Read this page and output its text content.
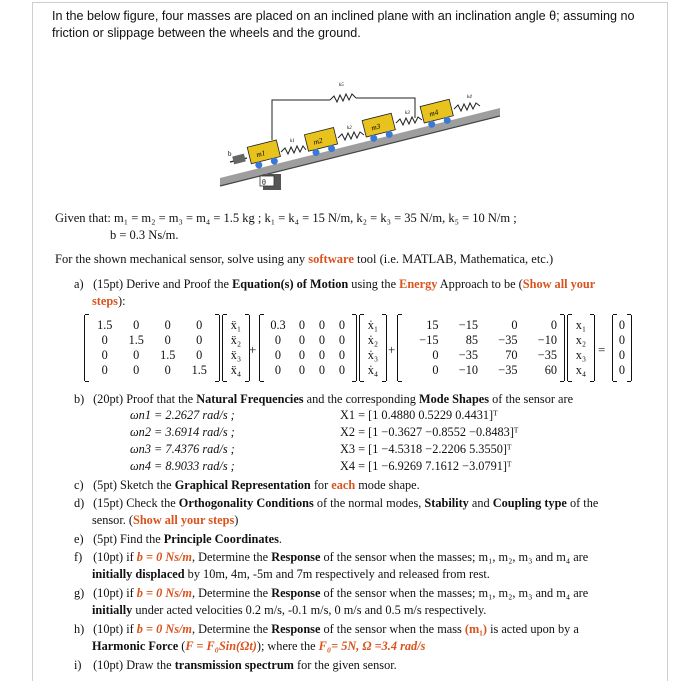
In the below figure, four masses are placed on an inclined plane with an inclination angle θ; assuming no friction or slippage between the wheels and the ground.
θ
b	m1
k1 m2
k2 m3
k3 m4
k4
k5
Given that: m₁ = m₂ = m₃ = m₄ = 1.5 kg ; k₁ = k₄ = 15 N/m, k₂ = k₃ = 35 N/m, k₅ = 10 N/m ;
b = 0.3 Ns/m.
For the shown mechanical sensor, solve using any software tool (i.e. MATLAB, Mathematica, etc.)
a) (15pt) Derive and Proof the Equation(s) of Motion using the Energy Approach to be (Show all your
steps):
1.5	0	0	0
0	1.5	0	0
0	0	1.5	0
0	0	0	1.5
ẍ₁
ẍ₂
ẍ₃
ẍ₄
+
0.3	0	0	0
0	0	0	0
0	0	0	0
0	0	0	0
ẋ₁
ẋ₂
ẋ₃
ẋ₄
+
15	−15	0	0
−15	85	−35	−10
0	−35	70	−35
0	−10	−35	60
x₁
x₂
x₃
x₄
=
0
0
0
0
b) (20pt) Proof that the Natural Frequencies and the corresponding Mode Shapes of the sensor are
ωn1 = 2.2627 rad/s ;
ωn2 = 3.6914 rad/s ;
ωn3 = 7.4376 rad/s ;
ωn4 = 8.9033 rad/s ;
X1 = [1 0.4880 0.5229 0.4431]ᵀ
X2 = [1 −0.3627 −0.8552 −0.8483]ᵀ
X3 = [1 −4.5318 −2.2206 5.3550]ᵀ
X4 = [1 −6.9269 7.1612 −3.0791]ᵀ
c) (5pt) Sketch the Graphical Representation for each mode shape.
d) (15pt) Check the Orthogonality Conditions of the normal modes, Stability and Coupling type of the
sensor. (Show all your steps)
e) (5pt) Find the Principle Coordinates.
f) (10pt) if b = 0 Ns/m, Determine the Response of the sensor when the masses; m₁, m₂, m₃ and m₄ are
initially displaced by 10m, 4m, -5m and 7m respectively and released from rest.
g) (10pt) if b = 0 Ns/m, Determine the Response of the sensor when the masses; m₁, m₂, m₃ and m₄ are
initially under acted velocities 0.2 m/s, -0.1 m/s, 0 m/s and 0.5 m/s respectively.
h) (10pt) if b = 0 Ns/m, Determine the Response of the sensor when the mass (m₁) is acted upon by a
Harmonic Force (F = F₀Sin(Ωt)); where the F₀= 5N, Ω =3.4 rad/s
i) (10pt) Draw the transmission spectrum for the given sensor.
